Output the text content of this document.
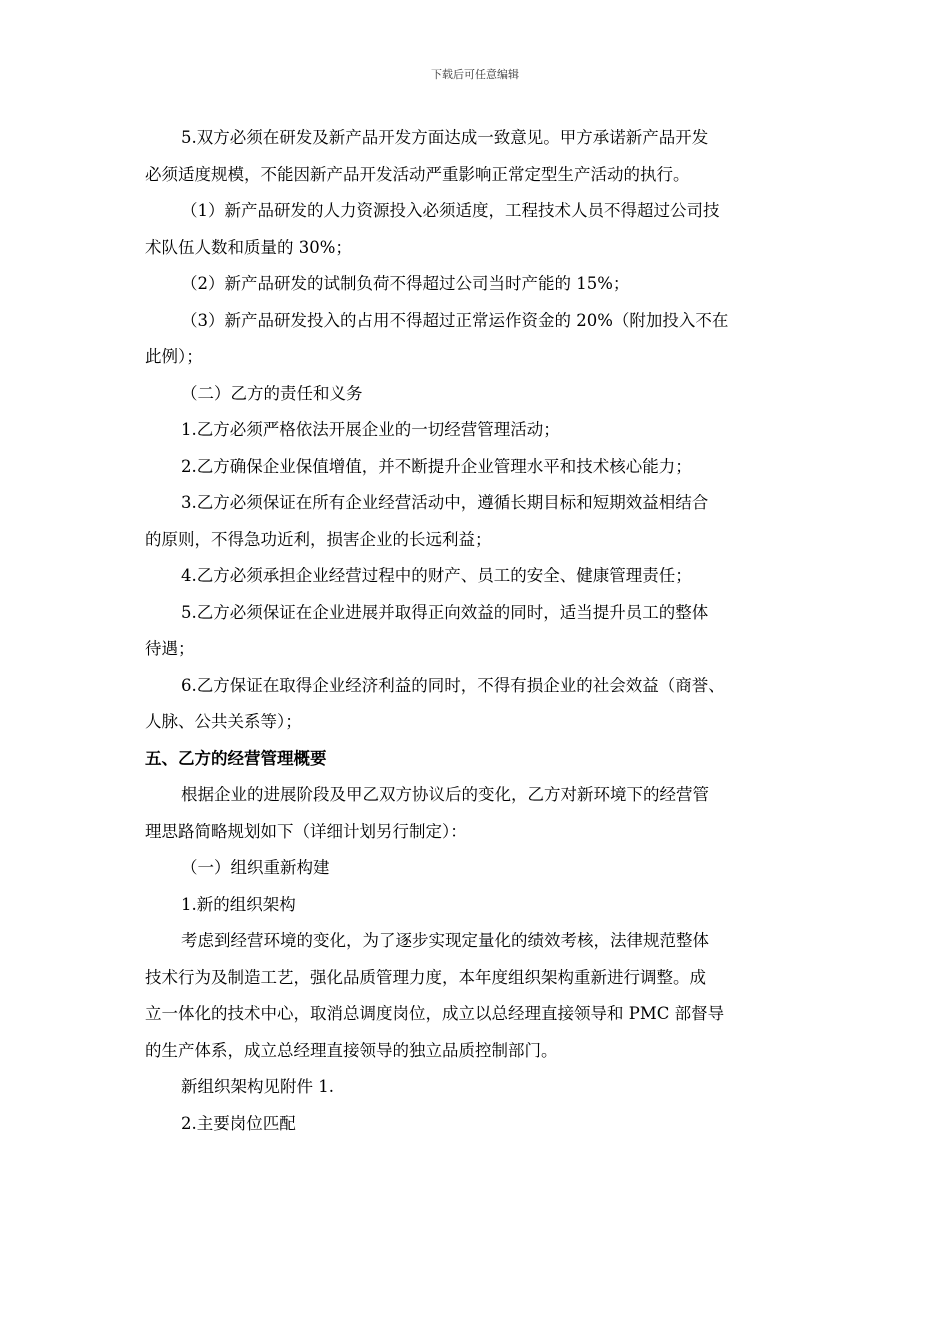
下载后可任意编辑

5.双方必须在研发及新产品开发方面达成一致意见。甲方承诺新产品开发

必须适度规模，不能因新产品开发活动严重影响正常定型生产活动的执行。

（1）新产品研发的人力资源投入必须适度，工程技术人员不得超过公司技

术队伍人数和质量的 30%；

（2）新产品研发的试制负荷不得超过公司当时产能的 15%；

（3）新产品研发投入的占用不得超过正常运作资金的 20%（附加投入不在

此例）；

（二）乙方的责任和义务

1.乙方必须严格依法开展企业的一切经营管理活动；

2.乙方确保企业保值增值，并不断提升企业管理水平和技术核心能力；

3.乙方必须保证在所有企业经营活动中，遵循长期目标和短期效益相结合

的原则，不得急功近利，损害企业的长远利益；

4.乙方必须承担企业经营过程中的财产、员工的安全、健康管理责任；

5.乙方必须保证在企业进展并取得正向效益的同时，适当提升员工的整体

待遇；

6.乙方保证在取得企业经济利益的同时，不得有损企业的社会效益（商誉、

人脉、公共关系等）；

五、乙方的经营管理概要

根据企业的进展阶段及甲乙双方协议后的变化，乙方对新环境下的经营管

理思路简略规划如下（详细计划另行制定）：

（一）组织重新构建

1.新的组织架构

考虑到经营环境的变化，为了逐步实现定量化的绩效考核，法律规范整体

技术行为及制造工艺，强化品质管理力度，本年度组织架构重新进行调整。成

立一体化的技术中心，取消总调度岗位，成立以总经理直接领导和 PMC 部督导

的生产体系，成立总经理直接领导的独立品质控制部门。

新组织架构见附件 1.

2.主要岗位匹配
